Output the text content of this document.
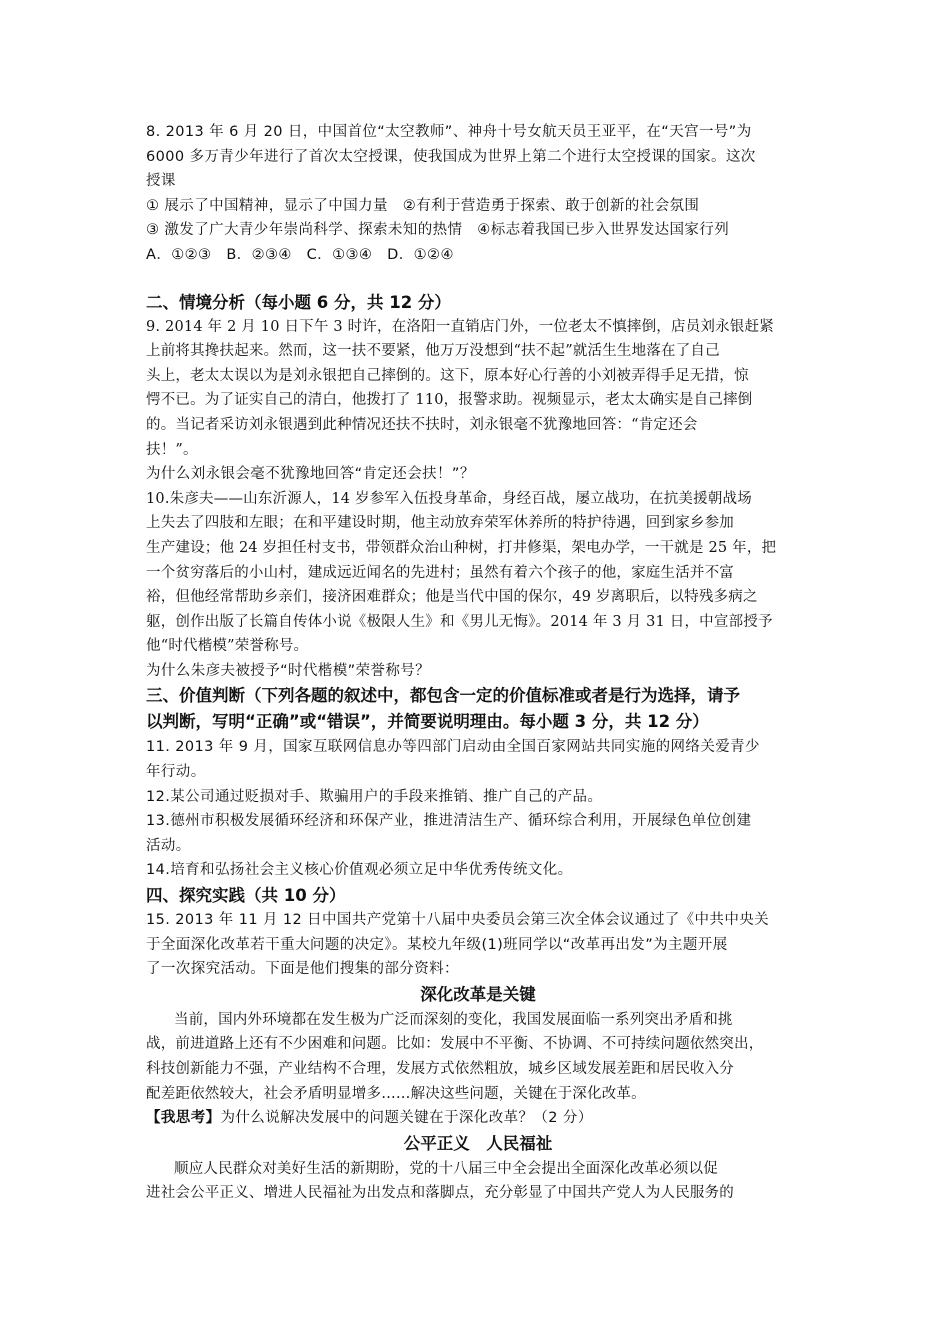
8. 2013 年 6 月 20 日，中国首位“太空教师”、神舟十号女航天员王亚平，在“天宫一号”为
6000 多万青少年进行了首次太空授课，使我国成为世界上第二个进行太空授课的国家。这次
授课
① 展示了中国精神，显示了中国力量　②有利于营造勇于探索、敢于创新的社会氛围
③ 激发了广大青少年崇尚科学、探索未知的热情　④标志着我国已步入世界发达国家行列
A．①②③　B．②③④　C．①③④　D．①②④
二、情境分析（每小题 6 分，共 12 分）
9. 2014 年 2 月 10 日下午 3 时许，在洛阳一直销店门外，一位老太不慎摔倒，店员刘永银赶紧
上前将其搀扶起来。然而，这一扶不要紧，他万万没想到“扶不起”就活生生地落在了自己
头上，老太太误以为是刘永银把自己摔倒的。这下，原本好心行善的小刘被弄得手足无措，惊
愕不已。为了证实自己的清白，他拨打了 110，报警求助。视频显示，老太太确实是自己摔倒
的。当记者采访刘永银遇到此种情况还扶不扶时，刘永银毫不犹豫地回答：“肯定还会
扶！”。
为什么刘永银会毫不犹豫地回答“肯定还会扶！”？
10.朱彦夫——山东沂源人，14 岁参军入伍投身革命，身经百战，屡立战功，在抗美援朝战场
上失去了四肢和左眼；在和平建设时期，他主动放弃荣军休养所的特护待遇，回到家乡参加
生产建设；他 24 岁担任村支书，带领群众治山种树，打井修渠，架电办学，一干就是 25 年，把
一个贫穷落后的小山村，建成远近闻名的先进村；虽然有着六个孩子的他，家庭生活并不富
裕，但他经常帮助乡亲们，接济困难群众；他是当代中国的保尔，49 岁离职后，以特残多病之
躯，创作出版了长篇自传体小说《极限人生》和《男儿无悔》。2014 年 3 月 31 日，中宣部授予
他“时代楷模”荣誉称号。
为什么朱彦夫被授予“时代楷模”荣誉称号？
三、价值判断（下列各题的叙述中，都包含一定的价值标准或者是行为选择，请予
以判断，写明“正确”或“错误”，并简要说明理由。每小题 3 分，共 12 分）
11. 2013 年 9 月，国家互联网信息办等四部门启动由全国百家网站共同实施的网络关爱青少
年行动。
12.某公司通过贬损对手、欺骗用户的手段来推销、推广自己的产品。
13.德州市积极发展循环经济和环保产业，推进清洁生产、循环综合利用，开展绿色单位创建
活动。
14.培育和弘扬社会主义核心价值观必须立足中华优秀传统文化。
四、探究实践（共 10 分）
15. 2013 年 11 月 12 日中国共产党第十八届中央委员会第三次全体会议通过了《中共中央关
于全面深化改革若干重大问题的决定》。某校九年级(1)班同学以“改革再出发”为主题开展
了一次探究活动。下面是他们搜集的部分资料：
深化改革是关键
当前，国内外环境都在发生极为广泛而深刻的变化，我国发展面临一系列突出矛盾和挑
战，前进道路上还有不少困难和问题。比如：发展中不平衡、不协调、不可持续问题依然突出，
科技创新能力不强，产业结构不合理，发展方式依然粗放，城乡区域发展差距和居民收入分
配差距依然较大，社会矛盾明显增多……解决这些问题，关键在于深化改革。
【我思考】为什么说解决发展中的问题关键在于深化改革？（2 分）
公平正义　人民福祉
顺应人民群众对美好生活的新期盼，党的十八届三中全会提出全面深化改革必须以促
进社会公平正义、增进人民福祉为出发点和落脚点，充分彰显了中国共产党人为人民服务的
